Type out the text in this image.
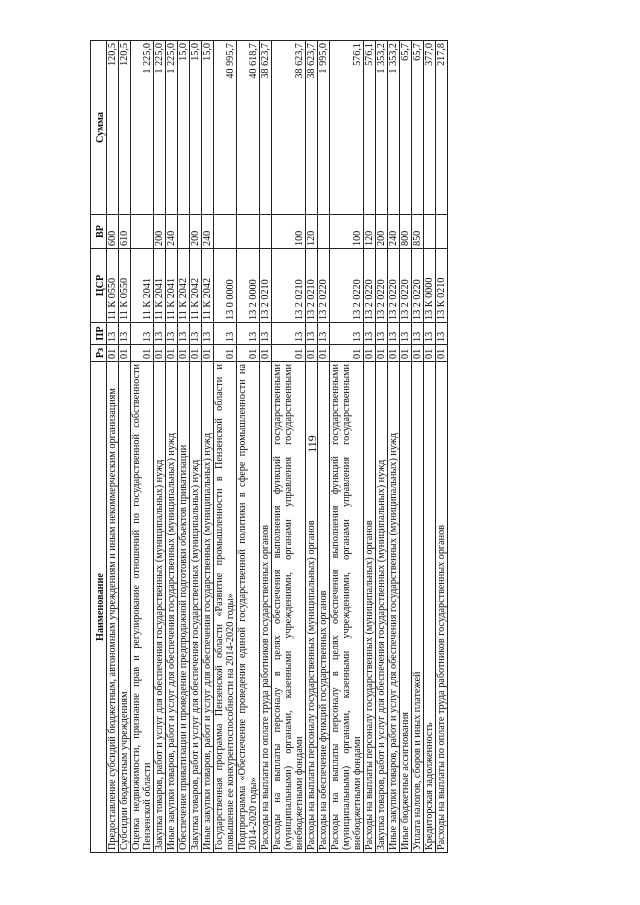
119
Наименование	Рз	ПР	ЦСР	ВР	Сумма
Предоставление субсидий бюджетным, автономным учреждениям и иным некоммерческим организациям	01	13	11 К 0550	600	120,5
Субсидии бюджетным учреждениям	01	13	11 К 0550	610	120,5
Оценка недвижимости, признание прав и регулирование отношений по государственной собственности Пензенской области	01	13	11 К 2041		1 225,0
Закупка товаров, работ и услуг для обеспечения государственных (муниципальных) нужд	01	13	11 К 2041	200	1 225,0
Иные закупки товаров, работ и услуг для обеспечения государственных (муниципальных) нужд	01	13	11 К 2041	240	1 225,0
Обеспечение приватизации и проведение предпродажной подготовки объектов приватизации	01	13	11 К 2042		15,0
Закупка товаров, работ и услуг для обеспечения государственных (муниципальных) нужд	01	13	11 К 2042	200	15,0
Иные закупки товаров, работ и услуг для обеспечения государственных (муниципальных) нужд	01	13	11 К 2042	240	15,0
Государственная программа Пензенской области «Развитие промышленности в Пензенской области и повышение ее конкурентоспособности на 2014-2020 годы»	01	13	13 0 0000		40 995,7
Подпрограмма «Обеспечение проведения единой государственной политики в сфере промышленности на 2014-2020 годы»	01	13	13 2 0000		40 618,7
Расходы на выплаты по оплате труда работников государственных органов	01	13	13 2 0210		38 623,7
Расходы на выплаты персоналу в целях обеспечения выполнения функций государственными (муниципальными) органами, казенными учреждениями, органами управления государственными внебюджетными фондами	01	13	13 2 0210	100	38 623,7
Расходы на выплаты персоналу государственных (муниципальных) органов	01	13	13 2 0210	120	38 623,7
Расходы на обеспечение функций государственных органов	01	13	13 2 0220		1 995,0
Расходы на выплаты персоналу в целях обеспечения выполнения функций государственными (муниципальными) органами, казенными учреждениями, органами управления государственными внебюджетными фондами	01	13	13 2 0220	100	576,1
Расходы на выплаты персоналу государственных (муниципальных) органов	01	13	13 2 0220	120	576,1
Закупка товаров, работ и услуг для обеспечения государственных (муниципальных) нужд	01	13	13 2 0220	200	1 353,2
Иные закупки товаров, работ и услуг для обеспечения государственных (муниципальных) нужд	01	13	13 2 0220	240	1 353,2
Иные бюджетные ассигнования	01	13	13 2 0220	800	65,7
Уплата налогов, сборов и иных платежей	01	13	13 2 0220	850	65,7
Кредиторская задолженность	01	13	13 К 0000		377,0
Расходы на выплаты по оплате труда работников государственных органов	01	13	13 К 0210		217,8
